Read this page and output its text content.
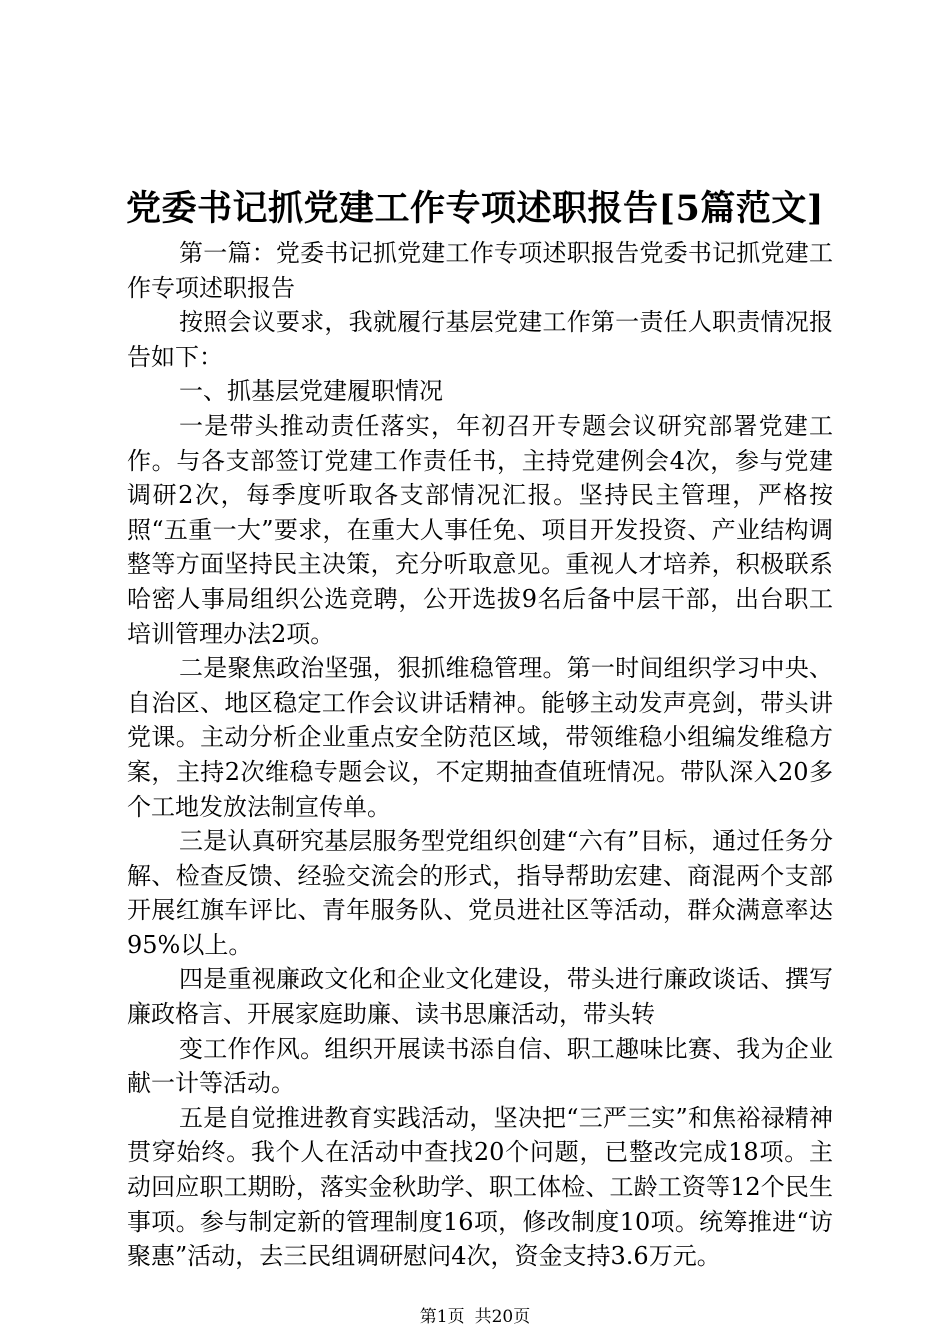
党委书记抓党建工作专项述职报告[5篇范文]

第一篇：党委书记抓党建工作专项述职报告党委书记抓党建工作专项述职报告

按照会议要求，我就履行基层党建工作第一责任人职责情况报告如下：

一、抓基层党建履职情况

一是带头推动责任落实，年初召开专题会议研究部署党建工作。与各支部签订党建工作责任书，主持党建例会4次，参与党建调研2次，每季度听取各支部情况汇报。坚持民主管理，严格按照“五重一大”要求，在重大人事任免、项目开发投资、产业结构调整等方面坚持民主决策，充分听取意见。重视人才培养，积极联系哈密人事局组织公选竞聘，公开选拔9名后备中层干部，出台职工培训管理办法2项。

二是聚焦政治坚强，狠抓维稳管理。第一时间组织学习中央、自治区、地区稳定工作会议讲话精神。能够主动发声亮剑，带头讲党课。主动分析企业重点安全防范区域，带领维稳小组编发维稳方案，主持2次维稳专题会议，不定期抽查值班情况。带队深入20多个工地发放法制宣传单。

三是认真研究基层服务型党组织创建“六有”目标，通过任务分解、检查反馈、经验交流会的形式，指导帮助宏建、商混两个支部开展红旗车评比、青年服务队、党员进社区等活动，群众满意率达95%以上。

四是重视廉政文化和企业文化建设，带头进行廉政谈话、撰写廉政格言、开展家庭助廉、读书思廉活动，带头转

变工作作风。组织开展读书添自信、职工趣味比赛、我为企业献一计等活动。

五是自觉推进教育实践活动，坚决把“三严三实”和焦裕禄精神贯穿始终。我个人在活动中查找20个问题，已整改完成18项。主动回应职工期盼，落实金秋助学、职工体检、工龄工资等12个民生事项。参与制定新的管理制度16项，修改制度10项。统筹推进“访聚惠”活动，去三民组调研慰问4次，资金支持3.6万元。

第1页 共20页
